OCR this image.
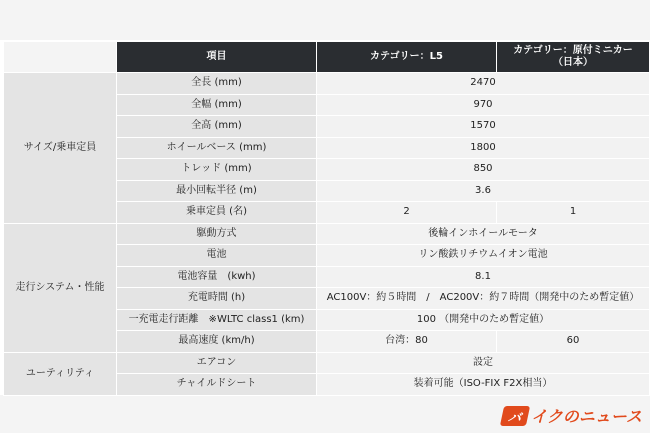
	項目	カテゴリー：L5	カテゴリー：原付ミニカー
（日本）

サイズ/乗車定員	全長 (mm)	2470	
	全幅 (mm)	970	
	全高 (mm)	1570	
	ホイールベース (mm)	1800	
	トレッド (mm)	850	
	最小回転半径 (m)	3.6	
	乗車定員 (名)	2	1
走行システム・性能	駆動方式	後輪インホイールモータ	
	電池	リン酸鉄リチウムイオン電池	
	電池容量　(kwh)	8.1	
	充電時間 (h)	AC100V：約５時間　/　AC200V：約７時間（開発中のため暫定値）	
	一充電走行距離　※WLTC class1 (km)	100 （開発中のため暫定値）	
	最高速度 (km/h)	台湾：80	60
ユーティリティ	エアコン	設定	
	チャイルドシート	装着可能（ISO-FIX F2X相当）	
バ イクのニュース
